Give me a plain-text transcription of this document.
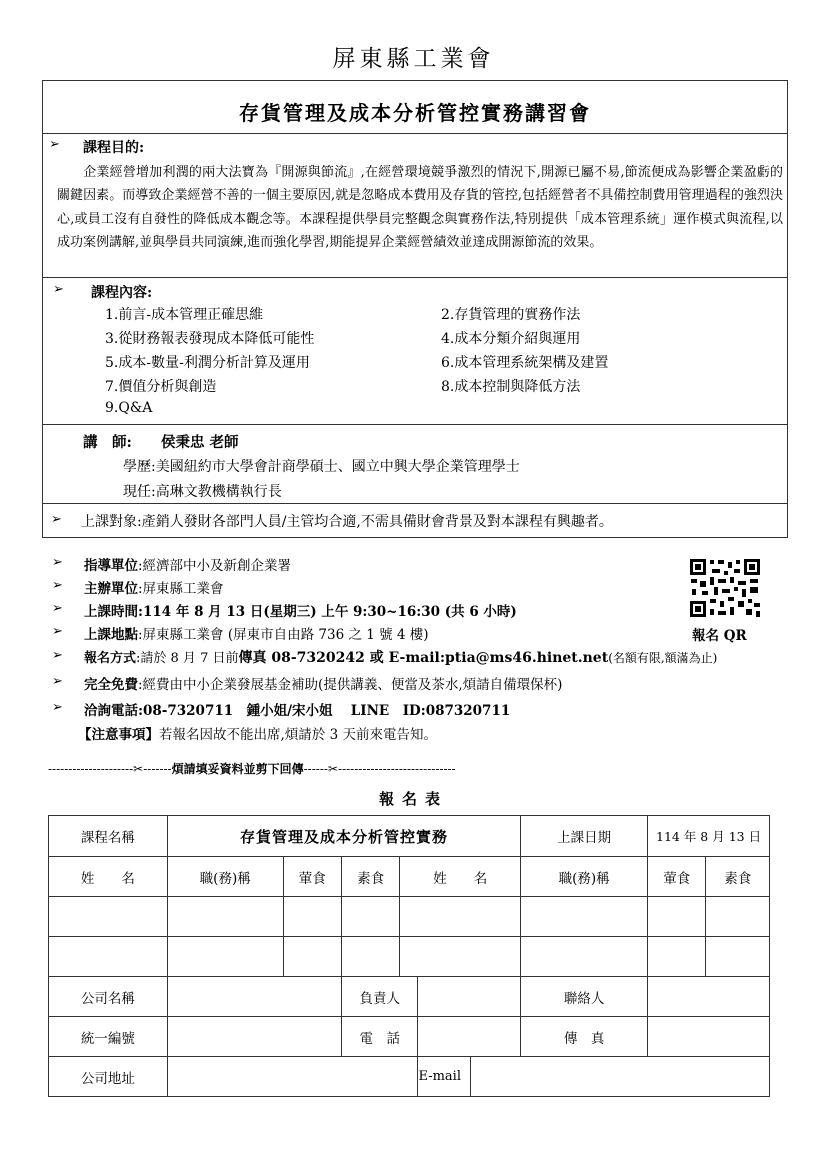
屏東縣工業會
存貨管理及成本分析管控實務講習會
➢ 課程目的:
企業經營增加利潤的兩大法寶為『開源與節流』,在經營環境競爭激烈的情況下,開源已屬不易,節流便成為影響企業盈虧的關鍵因素。而導致企業經營不善的一個主要原因,就是忽略成本費用及存貨的管控,包括經營者不具備控制費用管理過程的強烈決心,或員工沒有自發性的降低成本觀念等。本課程提供學員完整觀念與實務作法,特別提供「成本管理系統」運作模式與流程,以成功案例講解,並與學員共同演練,進而強化學習,期能提昇企業經營績效並達成開源節流的效果。
➢ 課程內容:
1.前言-成本管理正確思維	2.存貨管理的實務作法
3.從財務報表發現成本降低可能性	4.成本分類介紹與運用
5.成本-數量-利潤分析計算及運用	6.成本管理系統架構及建置
7.價值分析與創造	8.成本控制與降低方法
9.Q&A
講　師: 侯秉忠 老師
學歷:美國紐約市大學會計商學碩士、國立中興大學企業管理學士
現任:高琳文教機構執行長
➢ 上課對象:產銷人發財各部門人員/主管均合適,不需具備財會背景及對本課程有興趣者。
➢ 指導單位:經濟部中小及新創企業署
➢ 主辦單位:屏東縣工業會
➢ 上課時間:114 年 8 月 13 日(星期三) 上午 9:30~16:30 (共 6 小時)
➢ 上課地點:屏東縣工業會 (屏東市自由路 736 之 1 號 4 樓)	報名 QR
➢ 報名方式:請於 8 月 7 日前傳真 08-7320242 或 E-mail:ptia@ms46.hinet.net(名額有限,額滿為止)
➢ 完全免費:經費由中小企業發展基金補助(提供講義、便當及茶水,煩請自備環保杯)
➢ 洽詢電話:08-7320711　鍾小姐/宋小姐　 LINE　ID:087320711
【注意事項】若報名因故不能出席,煩請於 3 天前來電告知。
---------------------✂-------煩請填妥資料並剪下回傳------✂-----------------------------
報名表
課程名稱	存貨管理及成本分析管控實務						上課日期	114 年 8 月 13 日	
姓　　名	職(務)稱	葷食	素食	姓　　名			職(務)稱	葷食	素食

公司名稱			負責人				聯絡人		
統一編號			電　話				傳　真		
公司地址					E-mail				
